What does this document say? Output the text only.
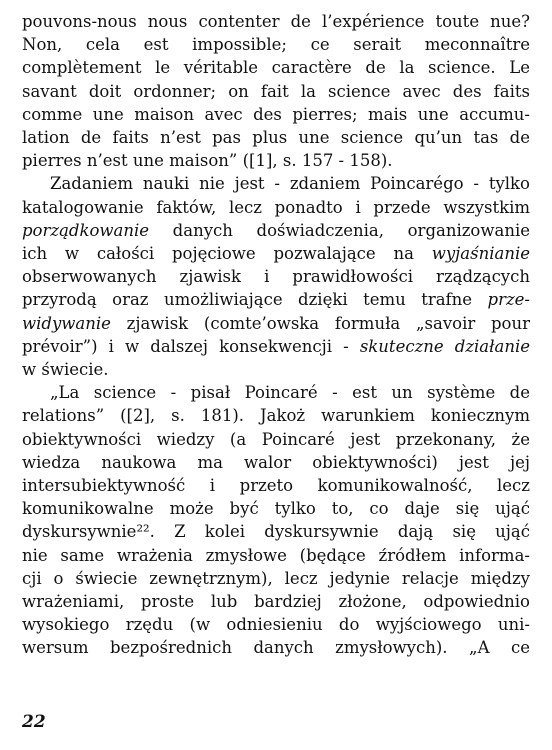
pouvons-nous nous contenter de l’expérience toute nue?
Non, cela est impossible; ce serait meconnaître
complètement le véritable caractère de la science. Le
savant doit ordonner; on fait la science avec des faits
comme une maison avec des pierres; mais une accumu-
lation de faits n’est pas plus une science qu’un tas de
pierres n’est une maison” ([1], s. 157 - 158).
Zadaniem nauki nie jest - zdaniem Poincarégo - tylko
katalogowanie faktów, lecz ponadto i przede wszystkim
porządkowanie danych doświadczenia, organizowanie
ich w całości pojęciowe pozwalające na wyjaśnianie
obserwowanych zjawisk i prawidłowości rządzących
przyrodą oraz umożliwiające dzięki temu trafne prze-
widywanie zjawisk (comte’owska formuła „savoir pour
prévoir”) i w dalszej konsekwencji - skuteczne działanie
w świecie.
„La science - pisał Poincaré - est un système de
relations” ([2], s. 181). Jakoż warunkiem koniecznym
obiektywności wiedzy (a Poincaré jest przekonany, że
wiedza naukowa ma walor obiektywności) jest jej
intersubiektywność i przeto komunikowalność, lecz
komunikowalne może być tylko to, co daje się ująć
dyskursywnie²². Z kolei dyskursywnie dają się ująć
nie same wrażenia zmysłowe (będące źródłem informa-
cji o świecie zewnętrznym), lecz jedynie relacje między
wrażeniami, proste lub bardziej złożone, odpowiednio
wysokiego rzędu (w odniesieniu do wyjściowego uni-
wersum bezpośrednich danych zmysłowych). „A ce
22
